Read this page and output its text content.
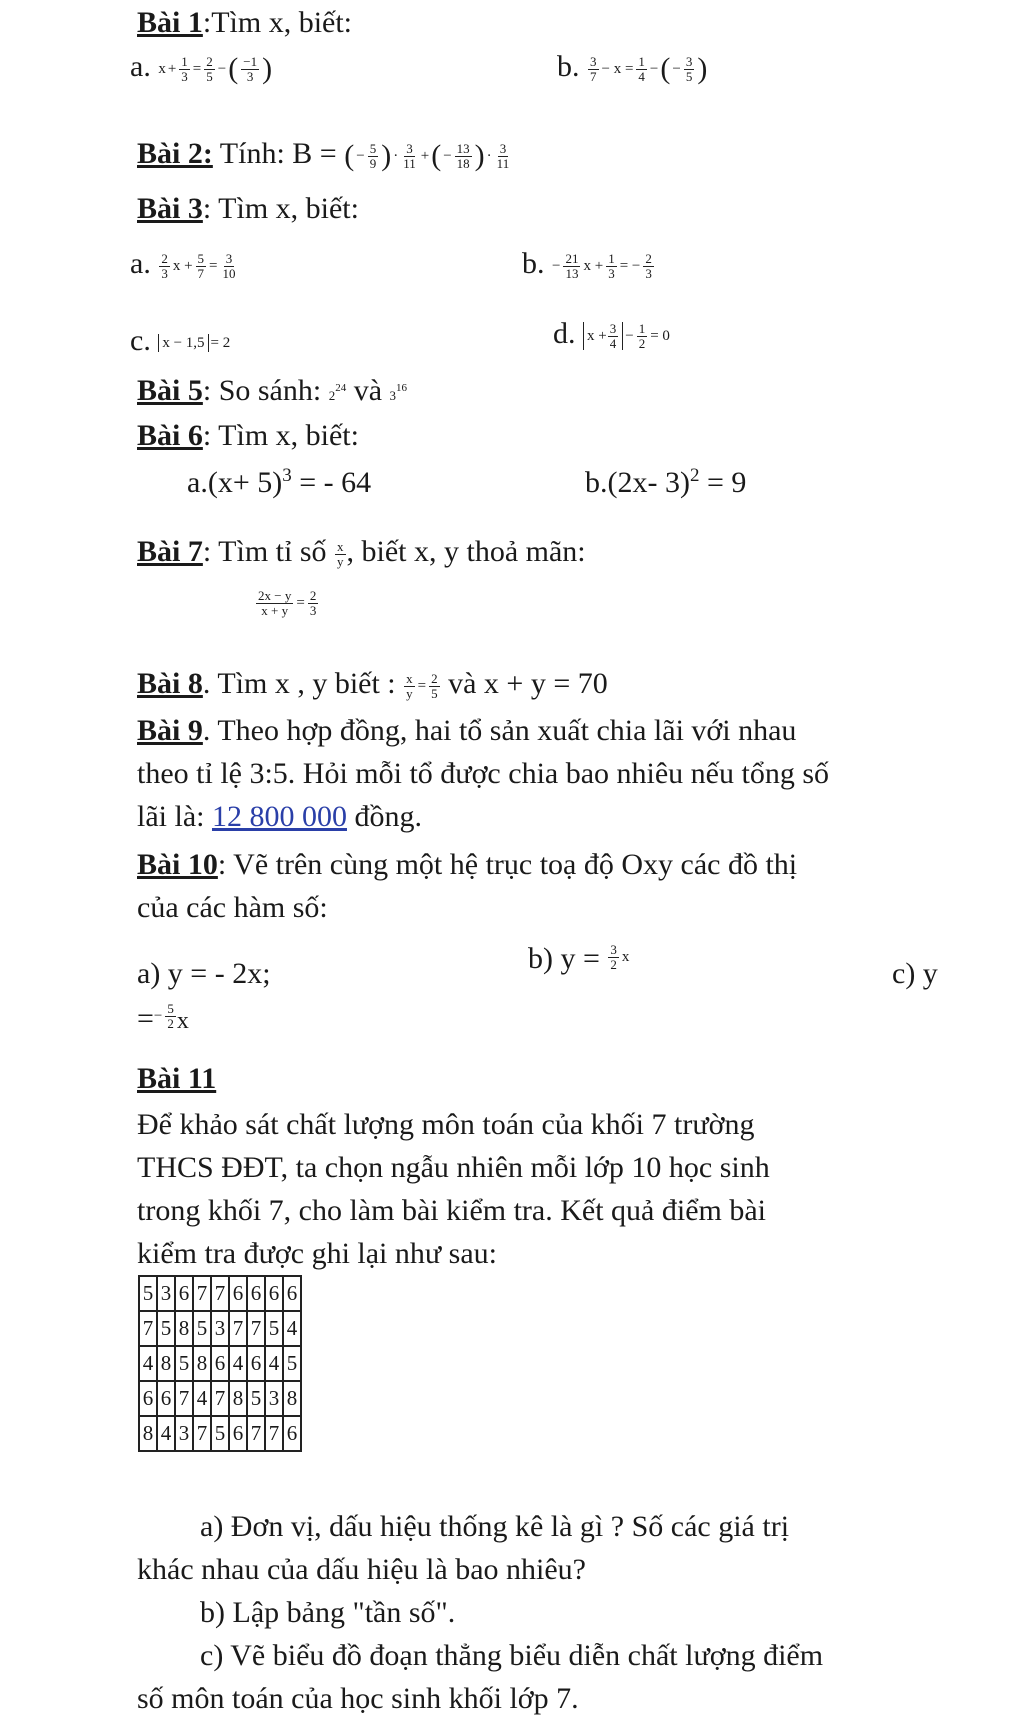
Bài 1:Tìm x, biết:
a. $x + \frac{1}{3} = \frac{2}{5}$ − ( $\frac{-1}{3}$ )	b. $\frac{3}{7} - x = \frac{1}{4}$ − ( − $\frac{3}{5}$ )
Bài 2: Tính: B = ( − $\frac{5}{9}$ ) · $\frac{3}{11}$ + ( − $\frac{13}{18}$ ) · $\frac{3}{11}$
Bài 3: Tìm x, biết:
a. $\frac{2}{3}$ $x + \frac{5}{7} = \frac{3}{10}$	b. − $\frac{21}{13}$ $x + \frac{1}{3}$ = − $\frac{2}{3}$
c. x − 1,5 = 2	d. $x + \frac{3}{4} - \frac{1}{2} = 0$
Bài 5: So sánh: $2^{24}$ và $3^{16}$
Bài 6: Tìm x, biết:
$a.(x+ 5)^3$ = - 64	b.(2x- 3)$^2$ = 9
Bài 7: Tìm tỉ số $\frac{x}{y}$ , biết x, y thoả mãn:
$\frac{2x - y}{x + y} = \frac{2}{3}$
Bài 8. Tìm x , y biết : $\frac{x}{y} = \frac{2}{5}$ và x + y = 70
Bài 9. Theo hợp đồng, hai tổ sản xuất chia lãi với nhau
theo tỉ lệ 3:5. Hỏi mỗi tổ được chia bao nhiêu nếu tổng số
lãi là: 12 800 000 đồng.
Bài 10: Vẽ trên cùng một hệ trục toạ độ Oxy các đồ thị
của các hàm số:
a) y = - 2x;	b) $y = \frac{3}{2}$ x
c) y
= − $\frac{5}{2}$ x
Bài 11
Để khảo sát chất lượng môn toán của khối 7 trường
THCS ĐĐT, ta chọn ngẫu nhiên mỗi lớp 10 học sinh
trong khối 7, cho làm bài kiểm tra. Kết quả điểm bài
kiểm tra được ghi lại như sau:
5	3	6	7	7	6	6	6	6
7	5	8	5	3	7	7	5	4
4	8	5	8	6	4	6	4	5
6	6	7	4	7	8	5	3	8
8	4	3	7	5	6	7	7	6
a) Đơn vị, dấu hiệu thống kê là gì ? Số các giá trị
khác nhau của dấu hiệu là bao nhiêu?
b) Lập bảng "tần số".
c) Vẽ biểu đồ đoạn thẳng biểu diễn chất lượng điểm
số môn toán của học sinh khối lớp 7.
